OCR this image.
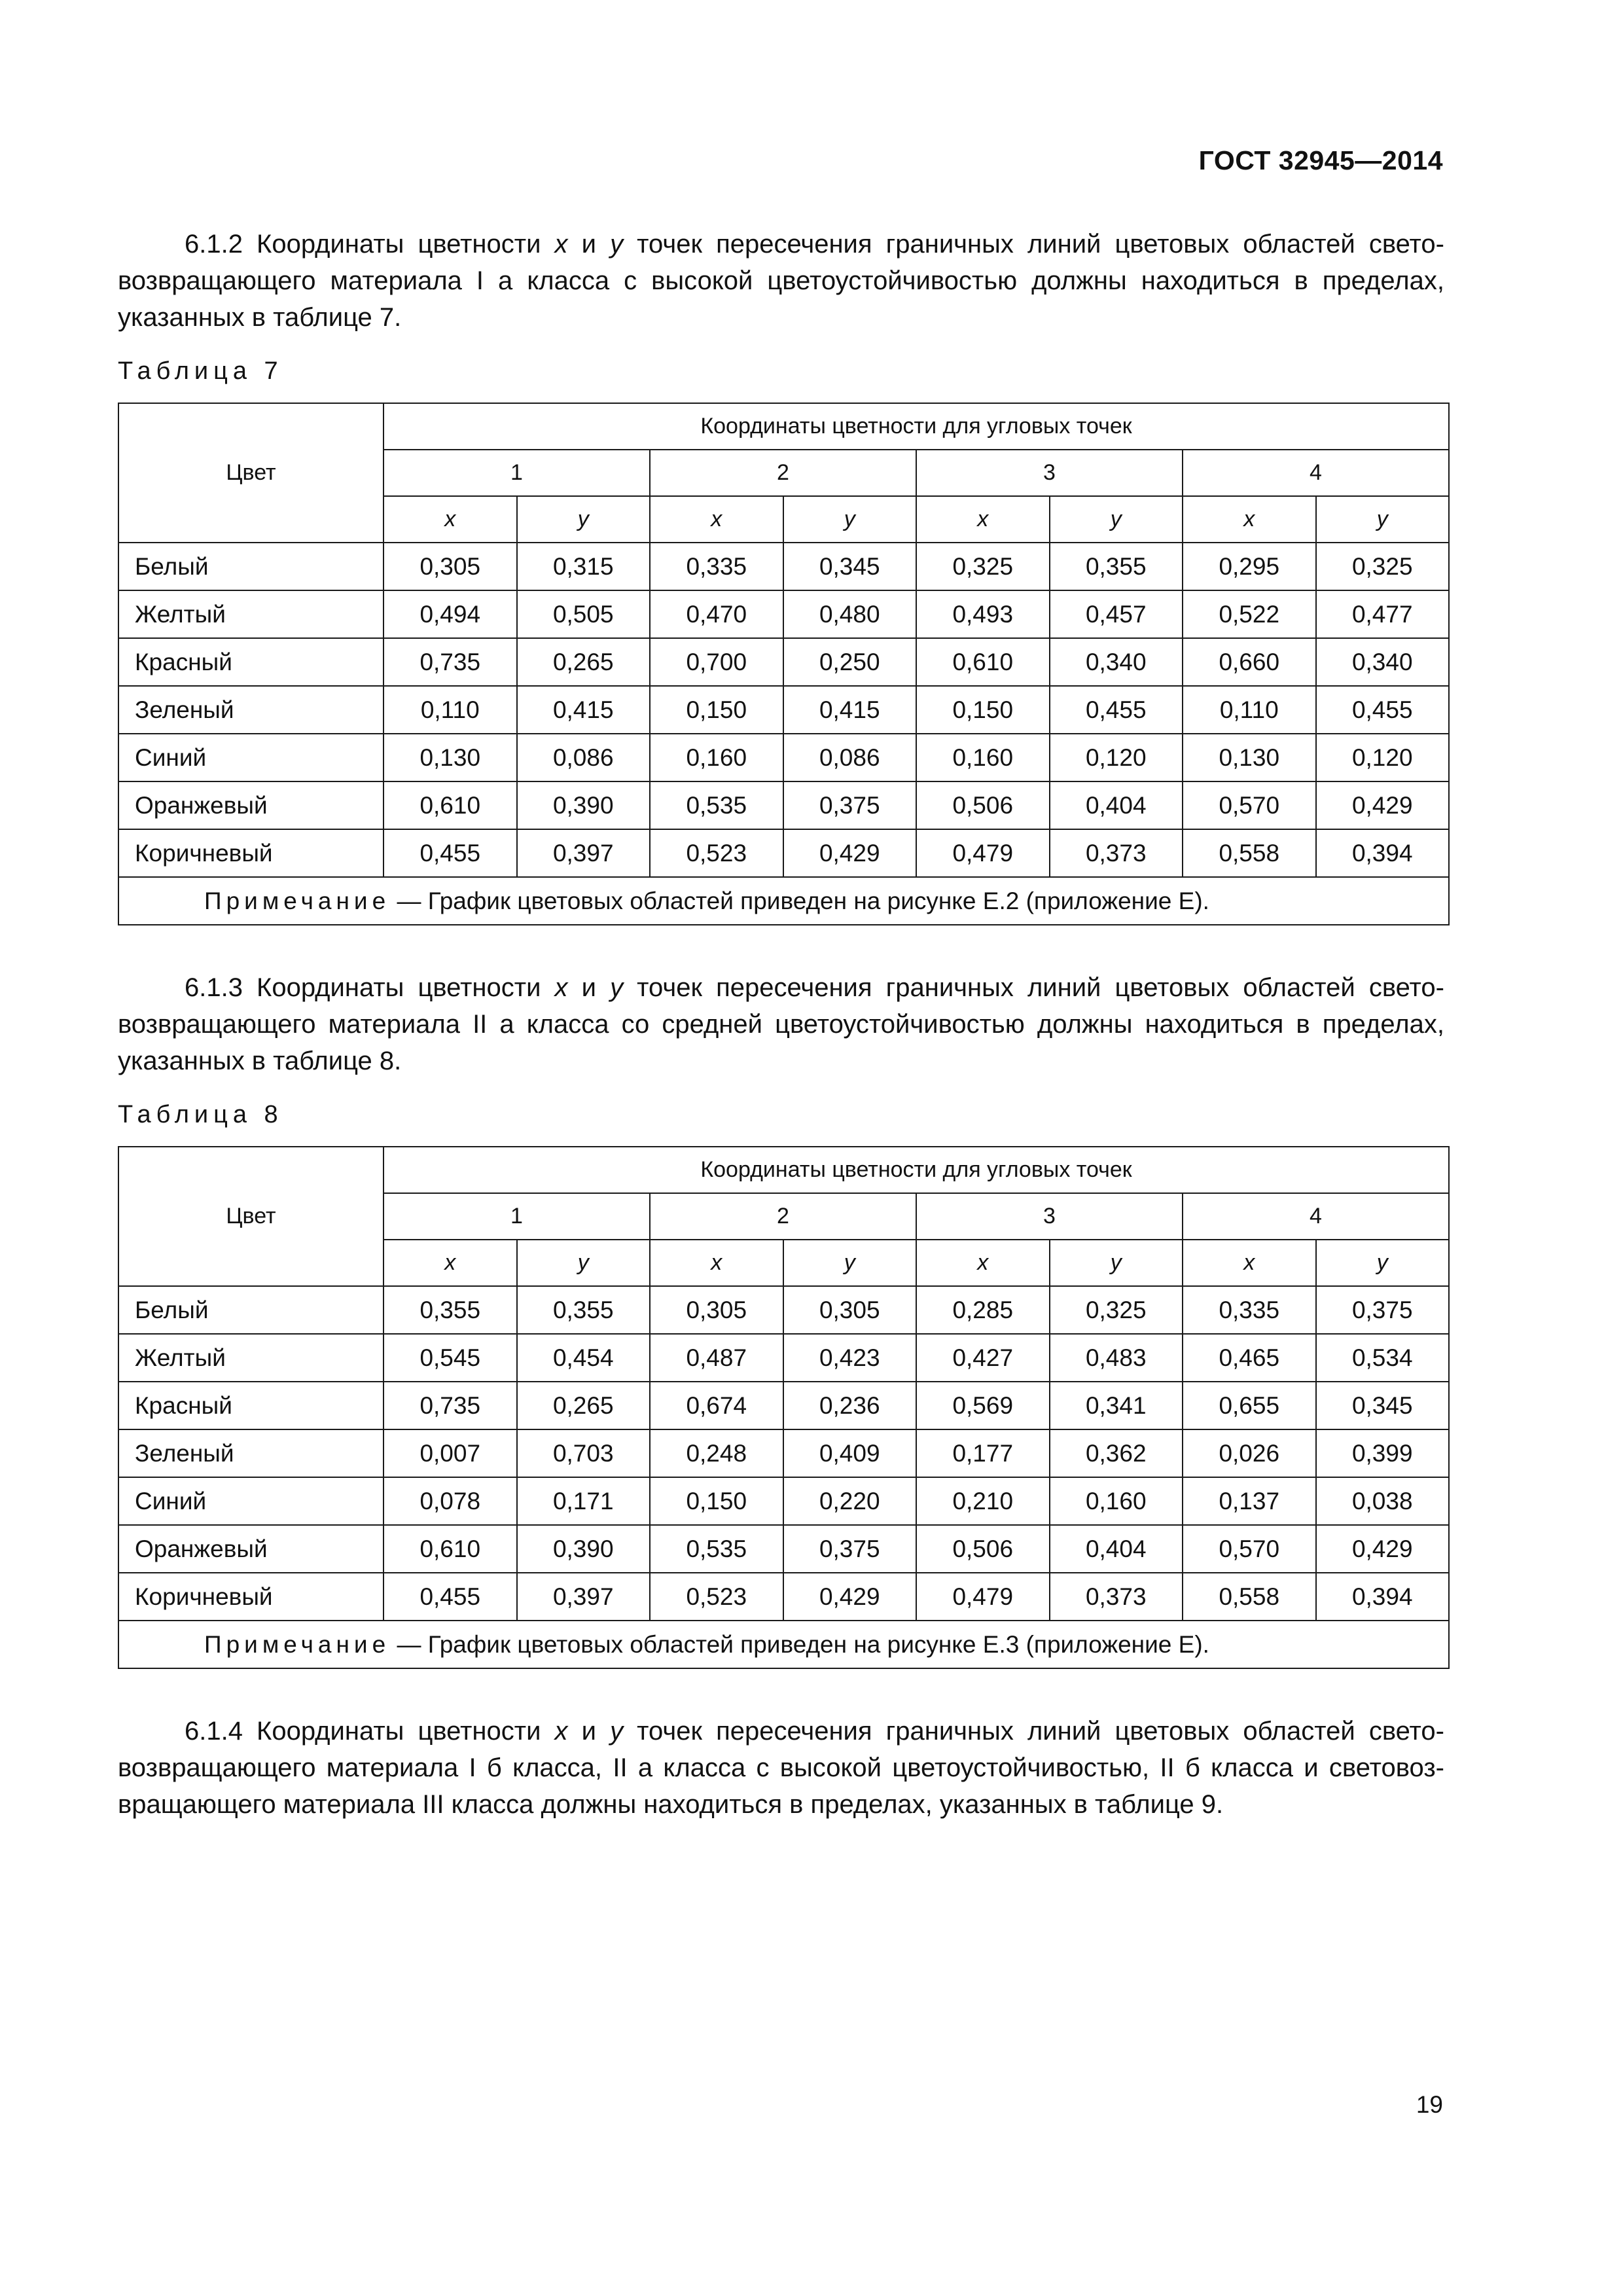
ГОСТ 32945—2014
6.1.2 Координаты цветности x и y точек пересечения граничных линий цветовых областей свето-
возвращающего материала I а класса с высокой цветоустойчивостью должны находиться в пределах,
указанных в таблице 7.
Таблица 7
Цвет	Координаты цветности для угловых точек							
	1		2		3		4	
	x	y	x	y	x	y	x	y
Белый	0,305	0,315	0,335	0,345	0,325	0,355	0,295	0,325
Желтый	0,494	0,505	0,470	0,480	0,493	0,457	0,522	0,477
Красный	0,735	0,265	0,700	0,250	0,610	0,340	0,660	0,340
Зеленый	0,110	0,415	0,150	0,415	0,150	0,455	0,110	0,455
Синий	0,130	0,086	0,160	0,086	0,160	0,120	0,130	0,120
Оранжевый	0,610	0,390	0,535	0,375	0,506	0,404	0,570	0,429
Коричневый	0,455	0,397	0,523	0,429	0,479	0,373	0,558	0,394
Примечание — График цветовых областей приведен на рисунке Е.2 (приложение Е).								
6.1.3 Координаты цветности x и y точек пересечения граничных линий цветовых областей свето-
возвращающего материала II а класса со средней цветоустойчивостью должны находиться в пределах,
указанных в таблице 8.
Таблица 8
Цвет	Координаты цветности для угловых точек							
	1		2		3		4	
	x	y	x	y	x	y	x	y
Белый	0,355	0,355	0,305	0,305	0,285	0,325	0,335	0,375
Желтый	0,545	0,454	0,487	0,423	0,427	0,483	0,465	0,534
Красный	0,735	0,265	0,674	0,236	0,569	0,341	0,655	0,345
Зеленый	0,007	0,703	0,248	0,409	0,177	0,362	0,026	0,399
Синий	0,078	0,171	0,150	0,220	0,210	0,160	0,137	0,038
Оранжевый	0,610	0,390	0,535	0,375	0,506	0,404	0,570	0,429
Коричневый	0,455	0,397	0,523	0,429	0,479	0,373	0,558	0,394
Примечание — График цветовых областей приведен на рисунке Е.3 (приложение Е).								
6.1.4 Координаты цветности x и y точек пересечения граничных линий цветовых областей свето-
возвращающего материала I б класса, II а класса с высокой цветоустойчивостью, II б класса и световоз-
вращающего материала III класса должны находиться в пределах, указанных в таблице 9.
19
